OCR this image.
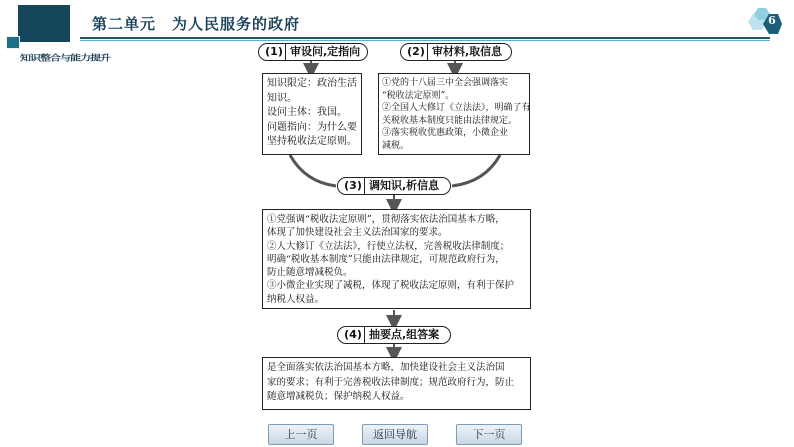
第二单元　为人民服务的政府
知识整合与能力提升
6
(1) 审设问,定指向	(2) 审材料,取信息
(3) 调知识,析信息
(4) 抽要点,组答案
知识限定：政治生活
知识。
设问主体：我国。
问题指向：为什么要
坚持税收法定原则。
①党的十八届三中全会强调落实
“税收法定原则”。
②全国人大修订《立法法》，明确了有
关税收基本制度只能由法律规定。
③落实税收优惠政策，小微企业
减税。
①党强调“税收法定原则”，贯彻落实依法治国基本方略，
体现了加快建设社会主义法治国家的要求。
②人大修订《立法法》，行使立法权，完善税收法律制度；
明确“税收基本制度”只能由法律规定，可规范政府行为，
防止随意增减税负。
③小微企业实现了减税，体现了税收法定原则，有利于保护
纳税人权益。
是全面落实依法治国基本方略，加快建设社会主义法治国
家的要求；有利于完善税收法律制度；规范政府行为，防止
随意增减税负；保护纳税人权益。
上一页	返回导航	下一页
